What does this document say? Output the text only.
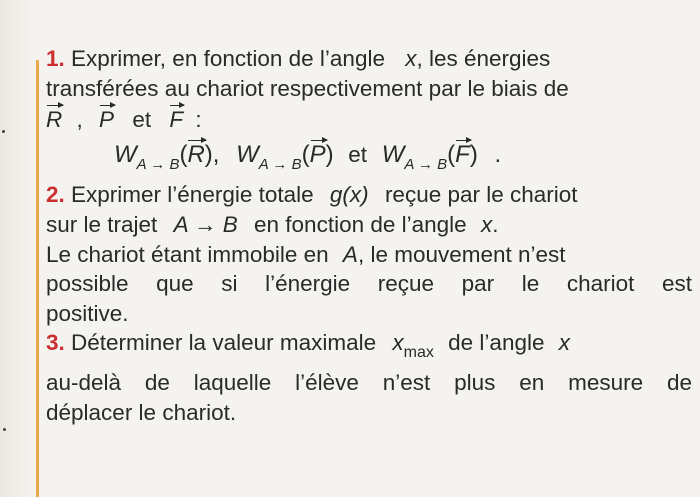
1. Exprimer, en fonction de l’angle x, les énergies
transférées au chariot respectivement par le biais de
R , P et F :
$W_{A \to B}(R)$, $W_{A \to B}(P)$ et $W_{A \to B}(F)$ .
2. Exprimer l’énergie totale g(x) reçue par le chariot
sur le trajet A → B en fonction de l’angle x.
Le chariot étant immobile en A, le mouvement n’est
possible que si l’énergie reçue par le chariot est
positive.
3. Déterminer la valeur maximale $x_{max}$ de l’angle x
au-delà de laquelle l’élève n’est plus en mesure de
déplacer le chariot.
